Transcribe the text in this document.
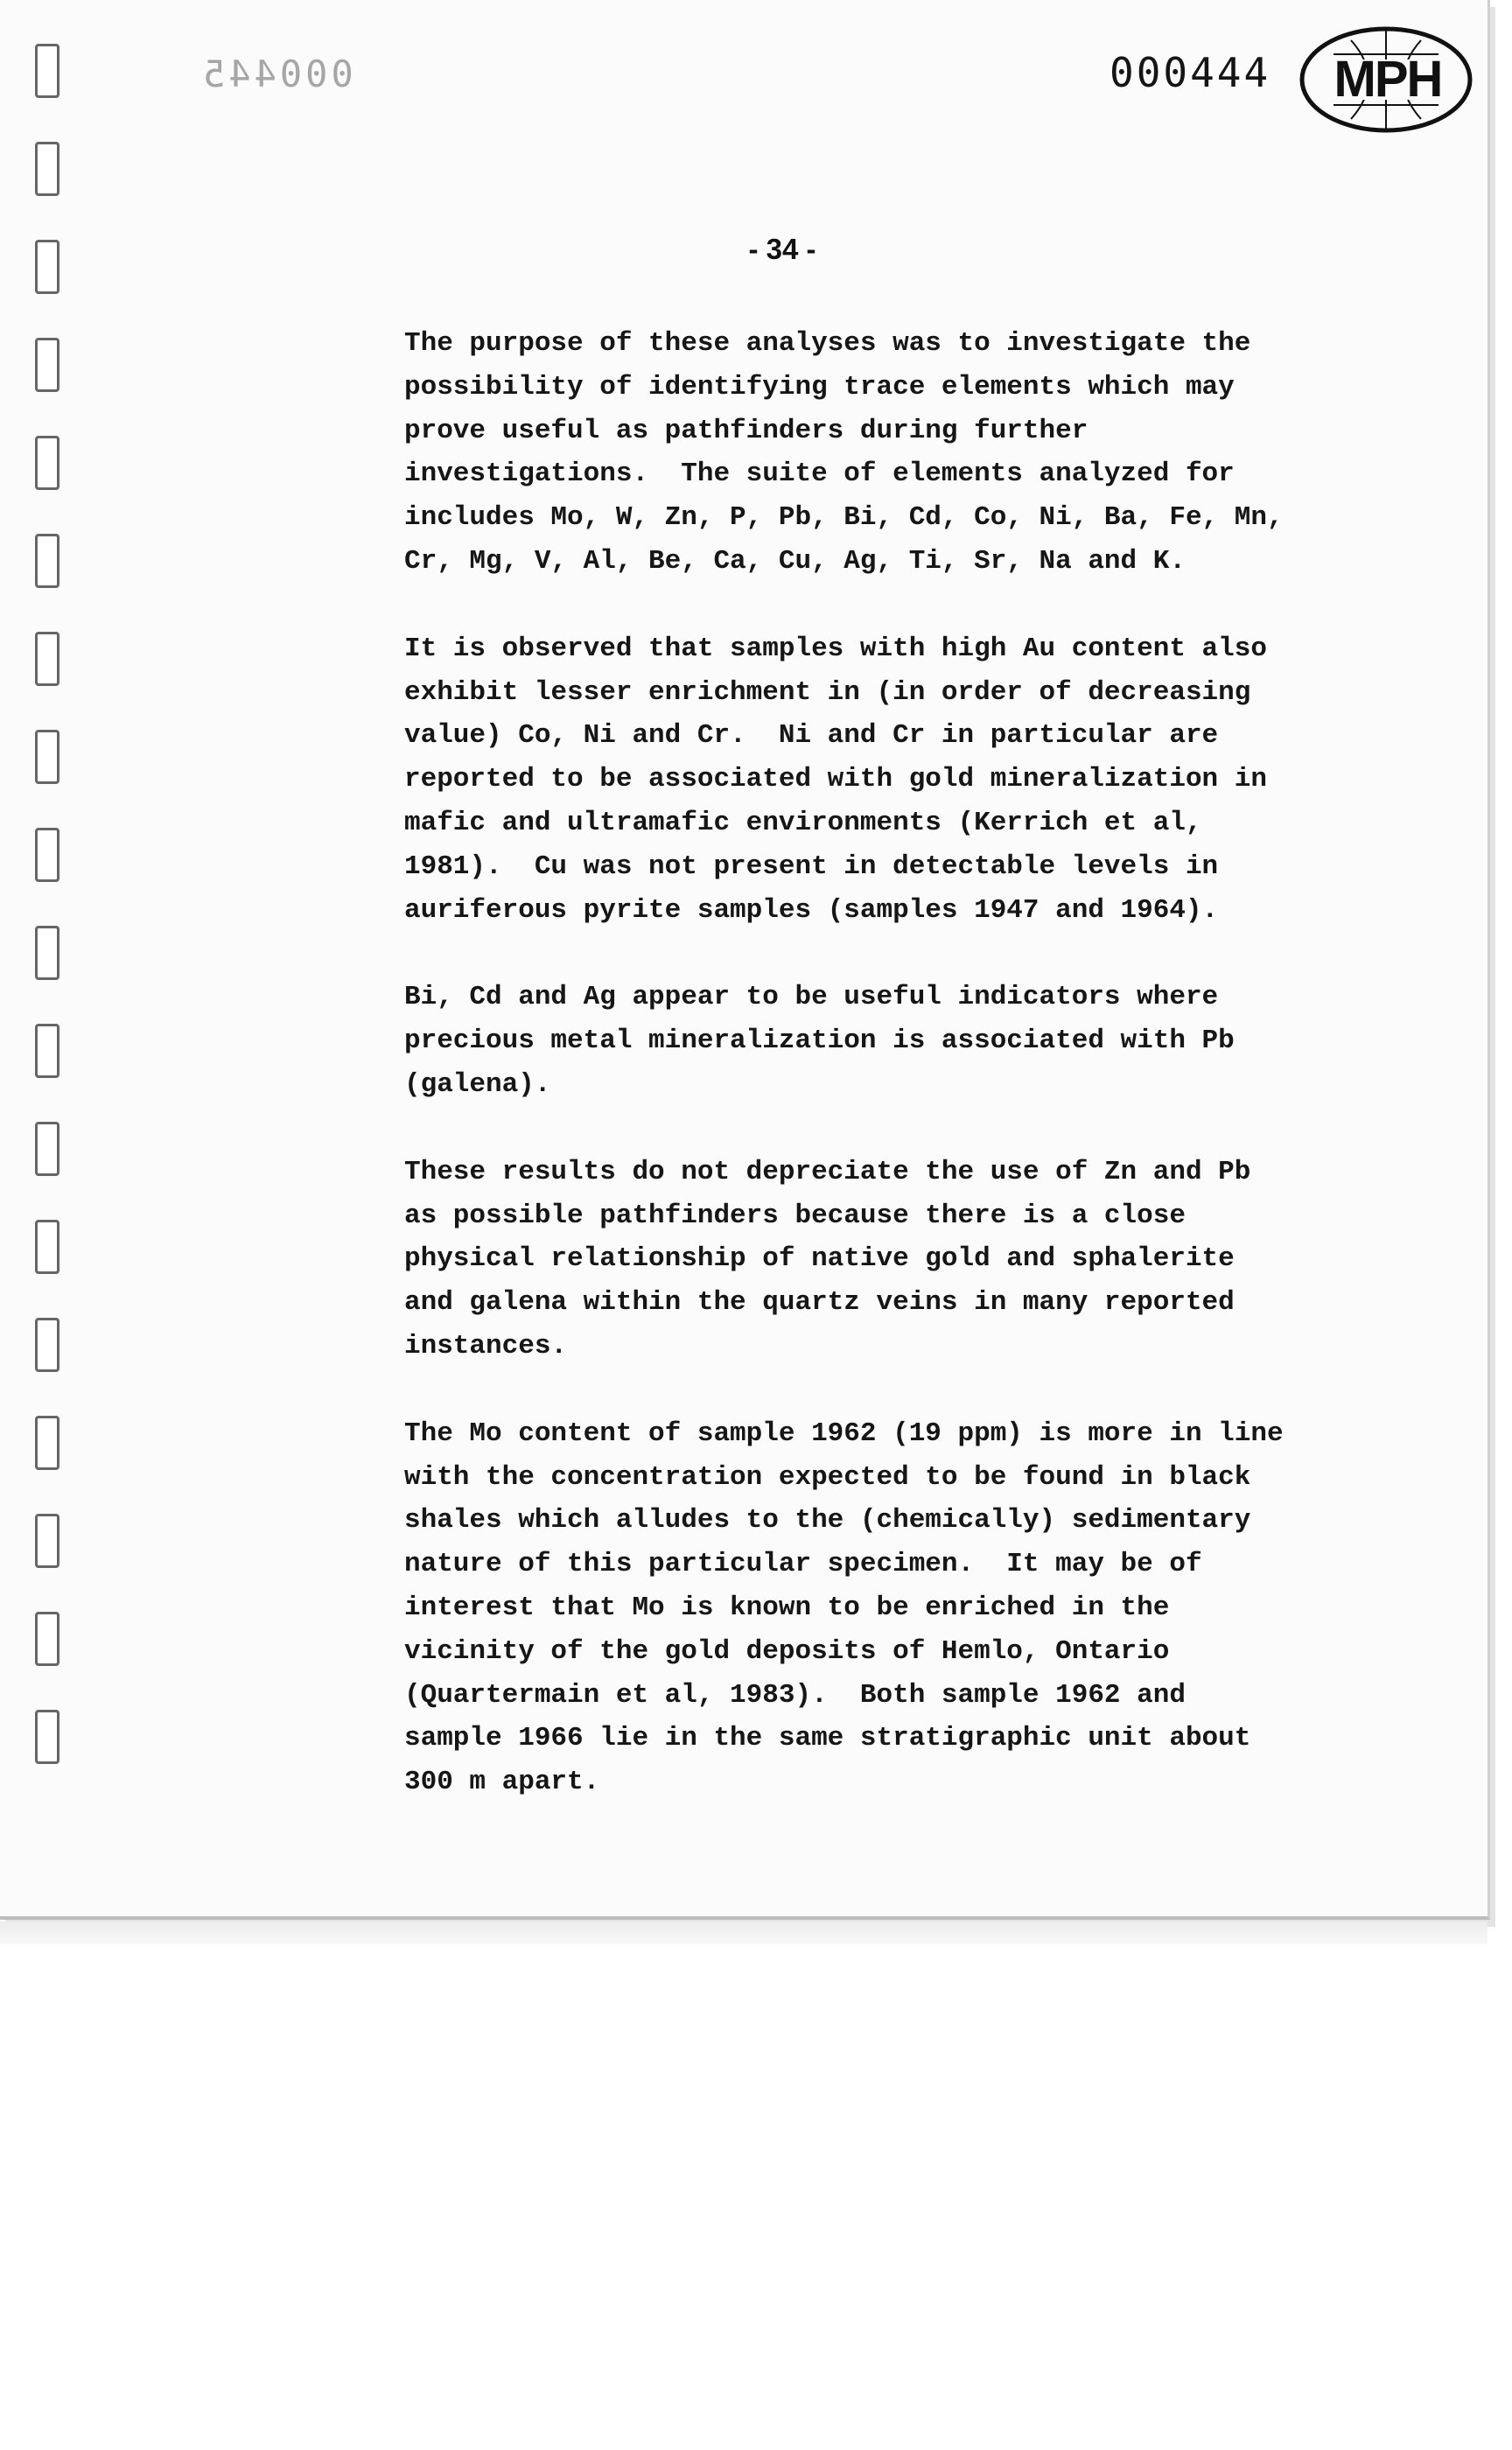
000445	000444 MPH
- 34 -
The purpose of these analyses was to investigate the
possibility of identifying trace elements which may
prove useful as pathfinders during further
investigations.  The suite of elements analyzed for
includes Mo, W, Zn, P, Pb, Bi, Cd, Co, Ni, Ba, Fe, Mn,
Cr, Mg, V, Al, Be, Ca, Cu, Ag, Ti, Sr, Na and K.
It is observed that samples with high Au content also
exhibit lesser enrichment in (in order of decreasing
value) Co, Ni and Cr.  Ni and Cr in particular are
reported to be associated with gold mineralization in
mafic and ultramafic environments (Kerrich et al,
1981).  Cu was not present in detectable levels in
auriferous pyrite samples (samples 1947 and 1964).
Bi, Cd and Ag appear to be useful indicators where
precious metal mineralization is associated with Pb
(galena).
These results do not depreciate the use of Zn and Pb
as possible pathfinders because there is a close
physical relationship of native gold and sphalerite
and galena within the quartz veins in many reported
instances.
The Mo content of sample 1962 (19 ppm) is more in line
with the concentration expected to be found in black
shales which alludes to the (chemically) sedimentary
nature of this particular specimen.  It may be of
interest that Mo is known to be enriched in the
vicinity of the gold deposits of Hemlo, Ontario
(Quartermain et al, 1983).  Both sample 1962 and
sample 1966 lie in the same stratigraphic unit about
300 m apart.
